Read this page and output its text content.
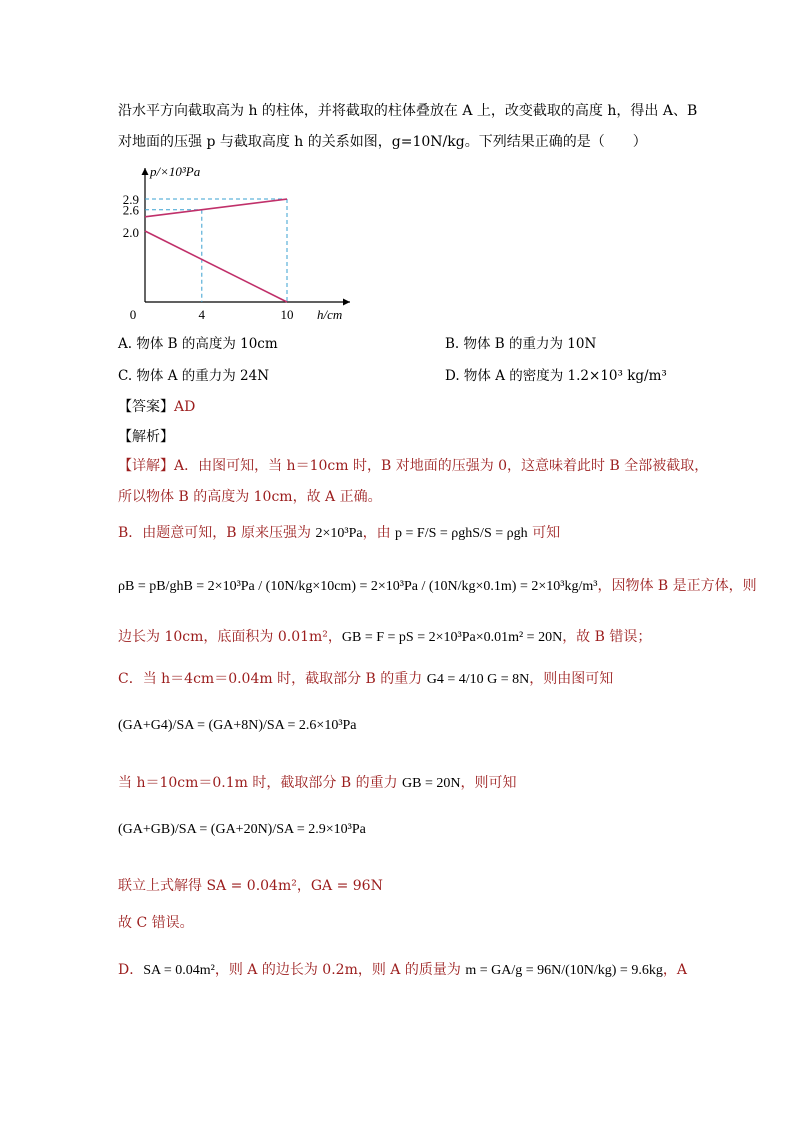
沿水平方向截取高为 h 的柱体，并将截取的柱体叠放在 A 上，改变截取的高度 h，得出 A、B
对地面的压强 p 与截取高度 h 的关系如图，g=10N/kg。下列结果正确的是（　　）
2.0
2.6
2.9
0	4	10
p/×10³Pa
h/cm
A. 物体 B 的高度为 10cm	B. 物体 B 的重力为 10N
C. 物体 A 的重力为 24N	D. 物体 A 的密度为 1.2×10³ kg/m³
【答案】AD
【解析】
【详解】A．由图可知，当 h＝10cm 时，B 对地面的压强为 0，这意味着此时 B 全部被截取，
所以物体 B 的高度为 10cm，故 A 正确。
B．由题意可知，B 原来压强为 2×10³Pa，由 p = F/S = ρghS/S = ρgh 可知
ρB = pB/ghB = 2×10³Pa / (10N/kg×10cm) = 2×10³Pa / (10N/kg×0.1m) = 2×10³kg/m³，因物体 B 是正方体，则
边长为 10cm，底面积为 0.01m²，GB = F = pS = 2×10³Pa×0.01m² = 20N，故 B 错误；
C．当 h＝4cm＝0.04m 时，截取部分 B 的重力 G4 = 4/10 G = 8N，则由图可知
(GA+G4)/SA = (GA+8N)/SA = 2.6×10³Pa
当 h＝10cm＝0.1m 时，截取部分 B 的重力 GB = 20N，则可知
(GA+GB)/SA = (GA+20N)/SA = 2.9×10³Pa
联立上式解得 SA = 0.04m²，GA = 96N
故 C 错误。
D．SA = 0.04m²，则 A 的边长为 0.2m，则 A 的质量为 m = GA/g = 96N/(10N/kg) = 9.6kg，A
